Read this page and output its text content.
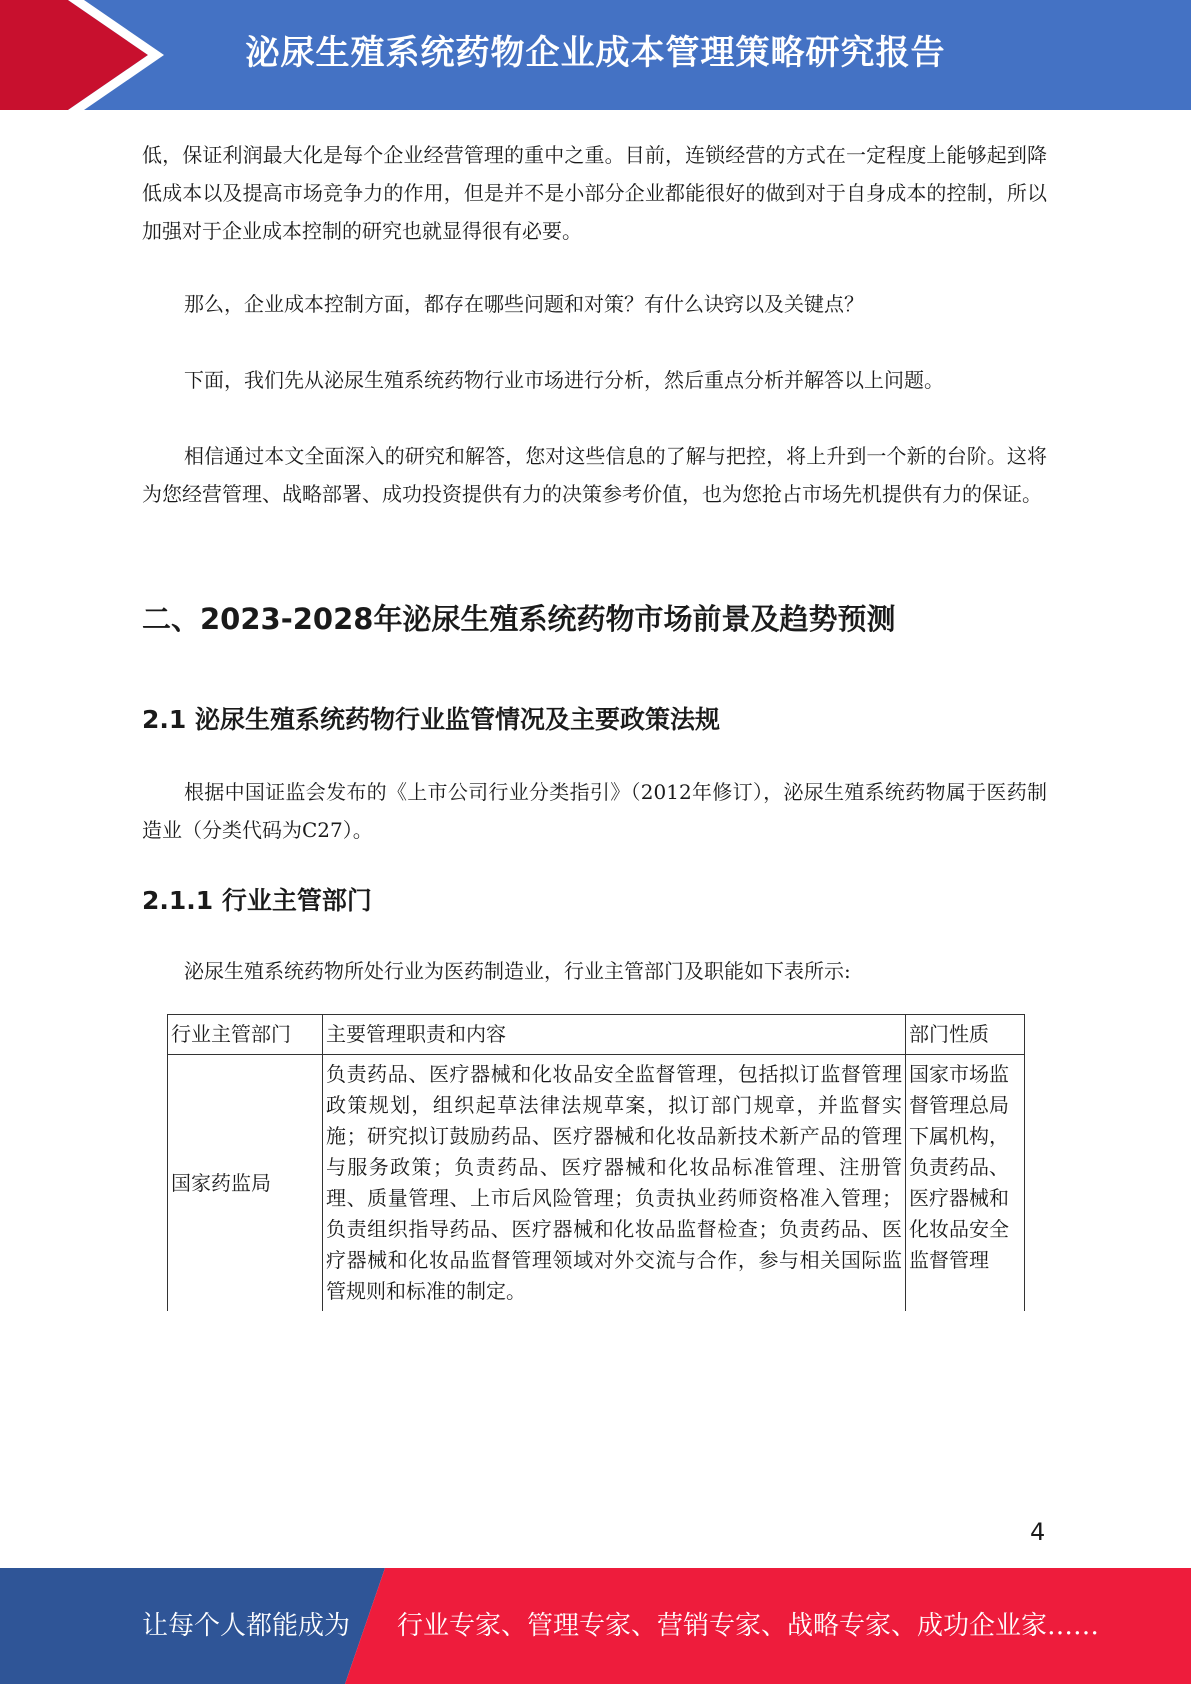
泌尿生殖系统药物企业成本管理策略研究报告

低，保证利润最大化是每个企业经营管理的重中之重。目前，连锁经营的方式在一定程度上能够起到降低成本以及提高市场竞争力的作用，但是并不是小部分企业都能很好的做到对于自身成本的控制，所以加强对于企业成本控制的研究也就显得很有必要。

那么，企业成本控制方面，都存在哪些问题和对策？有什么诀窍以及关键点？

下面，我们先从泌尿生殖系统药物行业市场进行分析，然后重点分析并解答以上问题。

相信通过本文全面深入的研究和解答，您对这些信息的了解与把控，将上升到一个新的台阶。这将为您经营管理、战略部署、成功投资提供有力的决策参考价值，也为您抢占市场先机提供有力的保证。

二、2023-2028年泌尿生殖系统药物市场前景及趋势预测
2.1 泌尿生殖系统药物行业监管情况及主要政策法规

根据中国证监会发布的《上市公司行业分类指引》（2012年修订），泌尿生殖系统药物属于医药制造业（分类代码为C27）。

2.1.1 行业主管部门

泌尿生殖系统药物所处行业为医药制造业，行业主管部门及职能如下表所示:

行业主管部门	主要管理职责和内容	部门性质
国家药监局	负责药品、医疗器械和化妆品安全监督管理，包括拟订监督管理政策规划，组织起草法律法规草案，拟订部门规章，并监督实施；研究拟订鼓励药品、医疗器械和化妆品新技术新产品的管理与服务政策；负责药品、医疗器械和化妆品标准管理、注册管理、质量管理、上市后风险管理；负责执业药师资格准入管理；负责组织指导药品、医疗器械和化妆品监督检查；负责药品、医疗器械和化妆品监督管理领域对外交流与合作，参与相关国际监管规则和标准的制定。	国家市场监督管理总局下属机构，负责药品、医疗器械和化妆品安全监督管理
4
让每个人都能成为 行业专家、管理专家、营销专家、战略专家、成功企业家……
